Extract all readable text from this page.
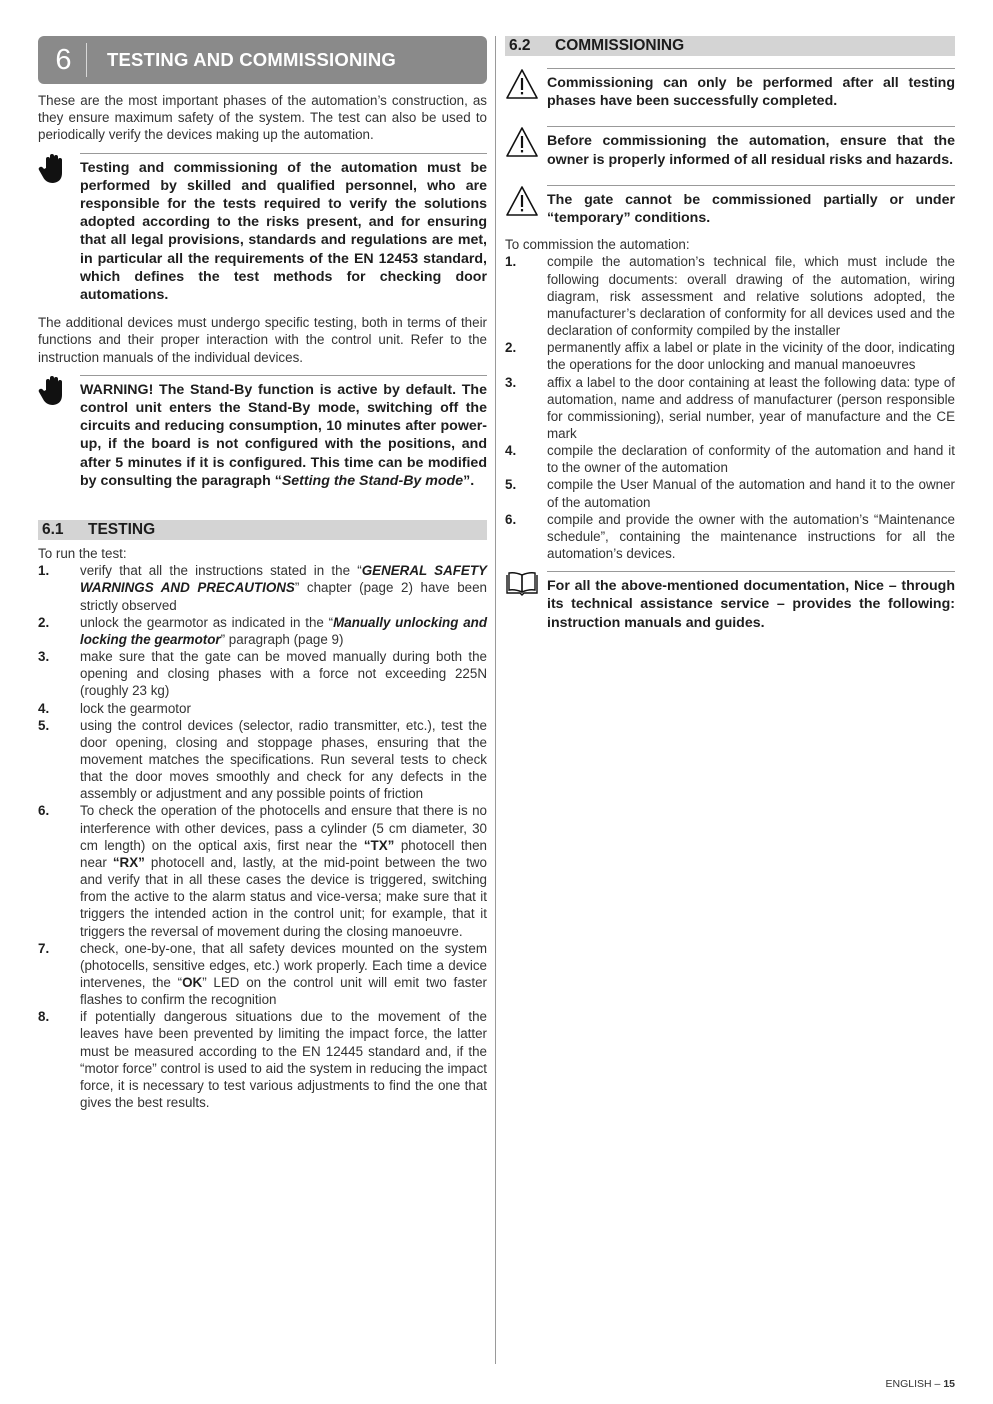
6	TESTING AND COMMISSIONING

These are the most important phases of the automation’s construction, as they ensure maximum safety of the system. The test can also be used to periodically verify the devices making up the automation.

Testing and commissioning of the automation must be performed by skilled and qualified personnel, who are responsible for the tests required to verify the solutions adopted according to the risks present, and for ensuring that all legal provisions, standards and regulations are met, in particular all the requirements of the EN 12453 standard, which defines the test methods for checking door automations.

The additional devices must undergo specific testing, both in terms of their functions and their proper interaction with the control unit. Refer to the instruction manuals of the individual devices.

WARNING! The Stand-By function is active by default. The control unit enters the Stand-By mode, switching off the circuits and reducing consumption, 10 minutes after power-up, if the board is not configured with the positions, and after 5 minutes if it is configured. This time can be modified by consulting the paragraph “Setting the Stand-By mode”.
6.1	TESTING
To run the test:
1.	verify that all the instructions stated in the “GENERAL SAFETY WARNINGS AND PRECAUTIONS” chapter (page 2) have been strictly observed
2.	unlock the gearmotor as indicated in the “Manually unlocking and locking the gearmotor” paragraph (page 9)
3.	make sure that the gate can be moved manually during both the opening and closing phases with a force not exceeding 225N (roughly 23 kg)
4.	lock the gearmotor
5.	using the control devices (selector, radio transmitter, etc.), test the door opening, closing and stoppage phases, ensuring that the movement matches the specifications. Run several tests to check that the door moves smoothly and check for any defects in the assembly or adjustment and any possible points of friction
6.	To check the operation of the photocells and ensure that there is no interference with other devices, pass a cylinder (5 cm diameter, 30 cm length) on the optical axis, first near the “TX” photocell then near “RX” photocell and, lastly, at the mid-point between the two and verify that in all these cases the device is triggered, switching from the active to the alarm status and vice-versa; make sure that it triggers the intended action in the control unit; for example, that it triggers the reversal of movement during the closing manoeuvre.
7.	check, one-by-one, that all safety devices mounted on the system (photocells, sensitive edges, etc.) work properly. Each time a device intervenes, the “OK” LED on the control unit will emit two faster flashes to confirm the recognition
8.	if potentially dangerous situations due to the movement of the leaves have been prevented by limiting the impact force, the latter must be measured according to the EN 12445 standard and, if the “motor force” control is used to aid the system in reducing the impact force, it is necessary to test various adjustments to find the one that gives the best results.
6.2	COMMISSIONING
Commissioning can only be performed after all testing phases have been successfully completed.
Before commissioning the automation, ensure that the owner is properly informed of all residual risks and hazards.
The gate cannot be commissioned partially or under “temporary” conditions.
To commission the automation:
1.	compile the automation’s technical file, which must include the following documents: overall drawing of the automation, wiring diagram, risk assessment and relative solutions adopted, the manufacturer’s declaration of conformity for all devices used and the declaration of conformity compiled by the installer
2.	permanently affix a label or plate in the vicinity of the door, indicating the operations for the door unlocking and manual manoeuvres
3.	affix a label to the door containing at least the following data: type of automation, name and address of manufacturer (person responsible for commissioning), serial number, year of manufacture and the CE mark
4.	compile the declaration of conformity of the automation and hand it to the owner of the automation
5.	compile the User Manual of the automation and hand it to the owner of the automation
6.	compile and provide the owner with the automation’s “Maintenance schedule”, containing the maintenance instructions for all the automation’s devices.
For all the above-mentioned documentation, Nice – through its technical assistance service – provides the following: instruction manuals and guides.
ENGLISH – 15
